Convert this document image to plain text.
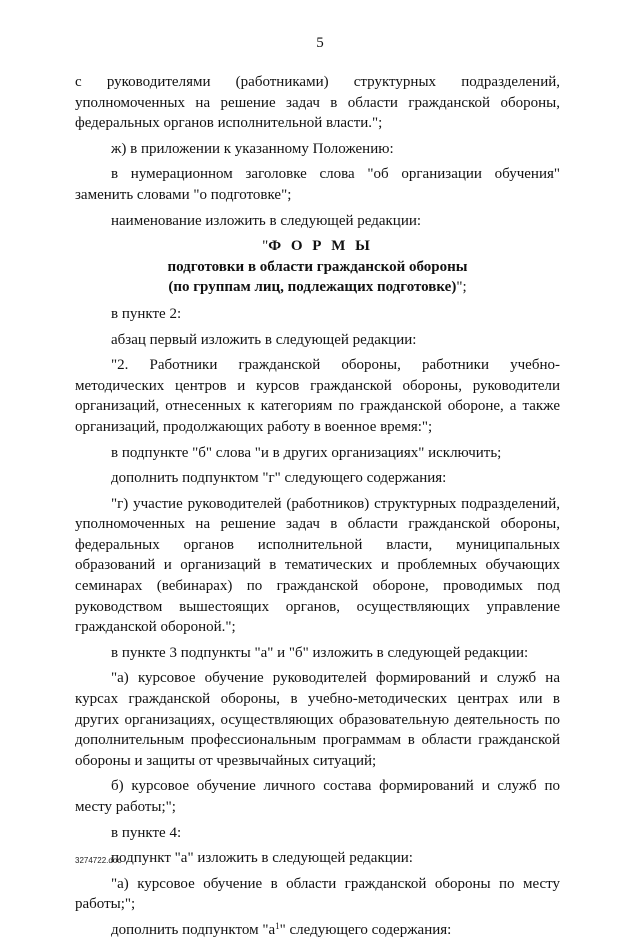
5

с руководителями (работниками) структурных подразделений, уполномоченных на решение задач в области гражданской обороны, федеральных органов исполнительной власти.";

ж) в приложении к указанному Положению:

в нумерационном заголовке слова "об организации обучения" заменить словами "о подготовке";

наименование изложить в следующей редакции:

"Ф О Р М Ы

подготовки в области гражданской обороны

(по группам лиц, подлежащих подготовке)";

в пункте 2:

абзац первый изложить в следующей редакции:

"2. Работники гражданской обороны, работники учебно-методических центров и курсов гражданской обороны, руководители организаций, отнесенных к категориям по гражданской обороне, а также организаций, продолжающих работу в военное время:";

в подпункте "б" слова "и в других организациях" исключить;

дополнить подпунктом "г" следующего содержания:

"г) участие руководителей (работников) структурных подразделений, уполномоченных на решение задач в области гражданской обороны, федеральных органов исполнительной власти, муниципальных образований и организаций в тематических и проблемных обучающих семинарах (вебинарах) по гражданской обороне, проводимых под руководством вышестоящих органов, осуществляющих управление гражданской обороной.";

в пункте 3 подпункты "а" и "б" изложить в следующей редакции:

"а) курсовое обучение руководителей формирований и служб на курсах гражданской обороны, в учебно-методических центрах или в других организациях, осуществляющих образовательную деятельность по дополнительным профессиональным программам в области гражданской обороны и защиты от чрезвычайных ситуаций;

б) курсовое обучение личного состава формирований и служб по месту работы;";

в пункте 4:

подпункт "а" изложить в следующей редакции:

"а) курсовое обучение в области гражданской обороны по месту работы;";

дополнить подпунктом "$а^1$" следующего содержания:

3274722.doc
